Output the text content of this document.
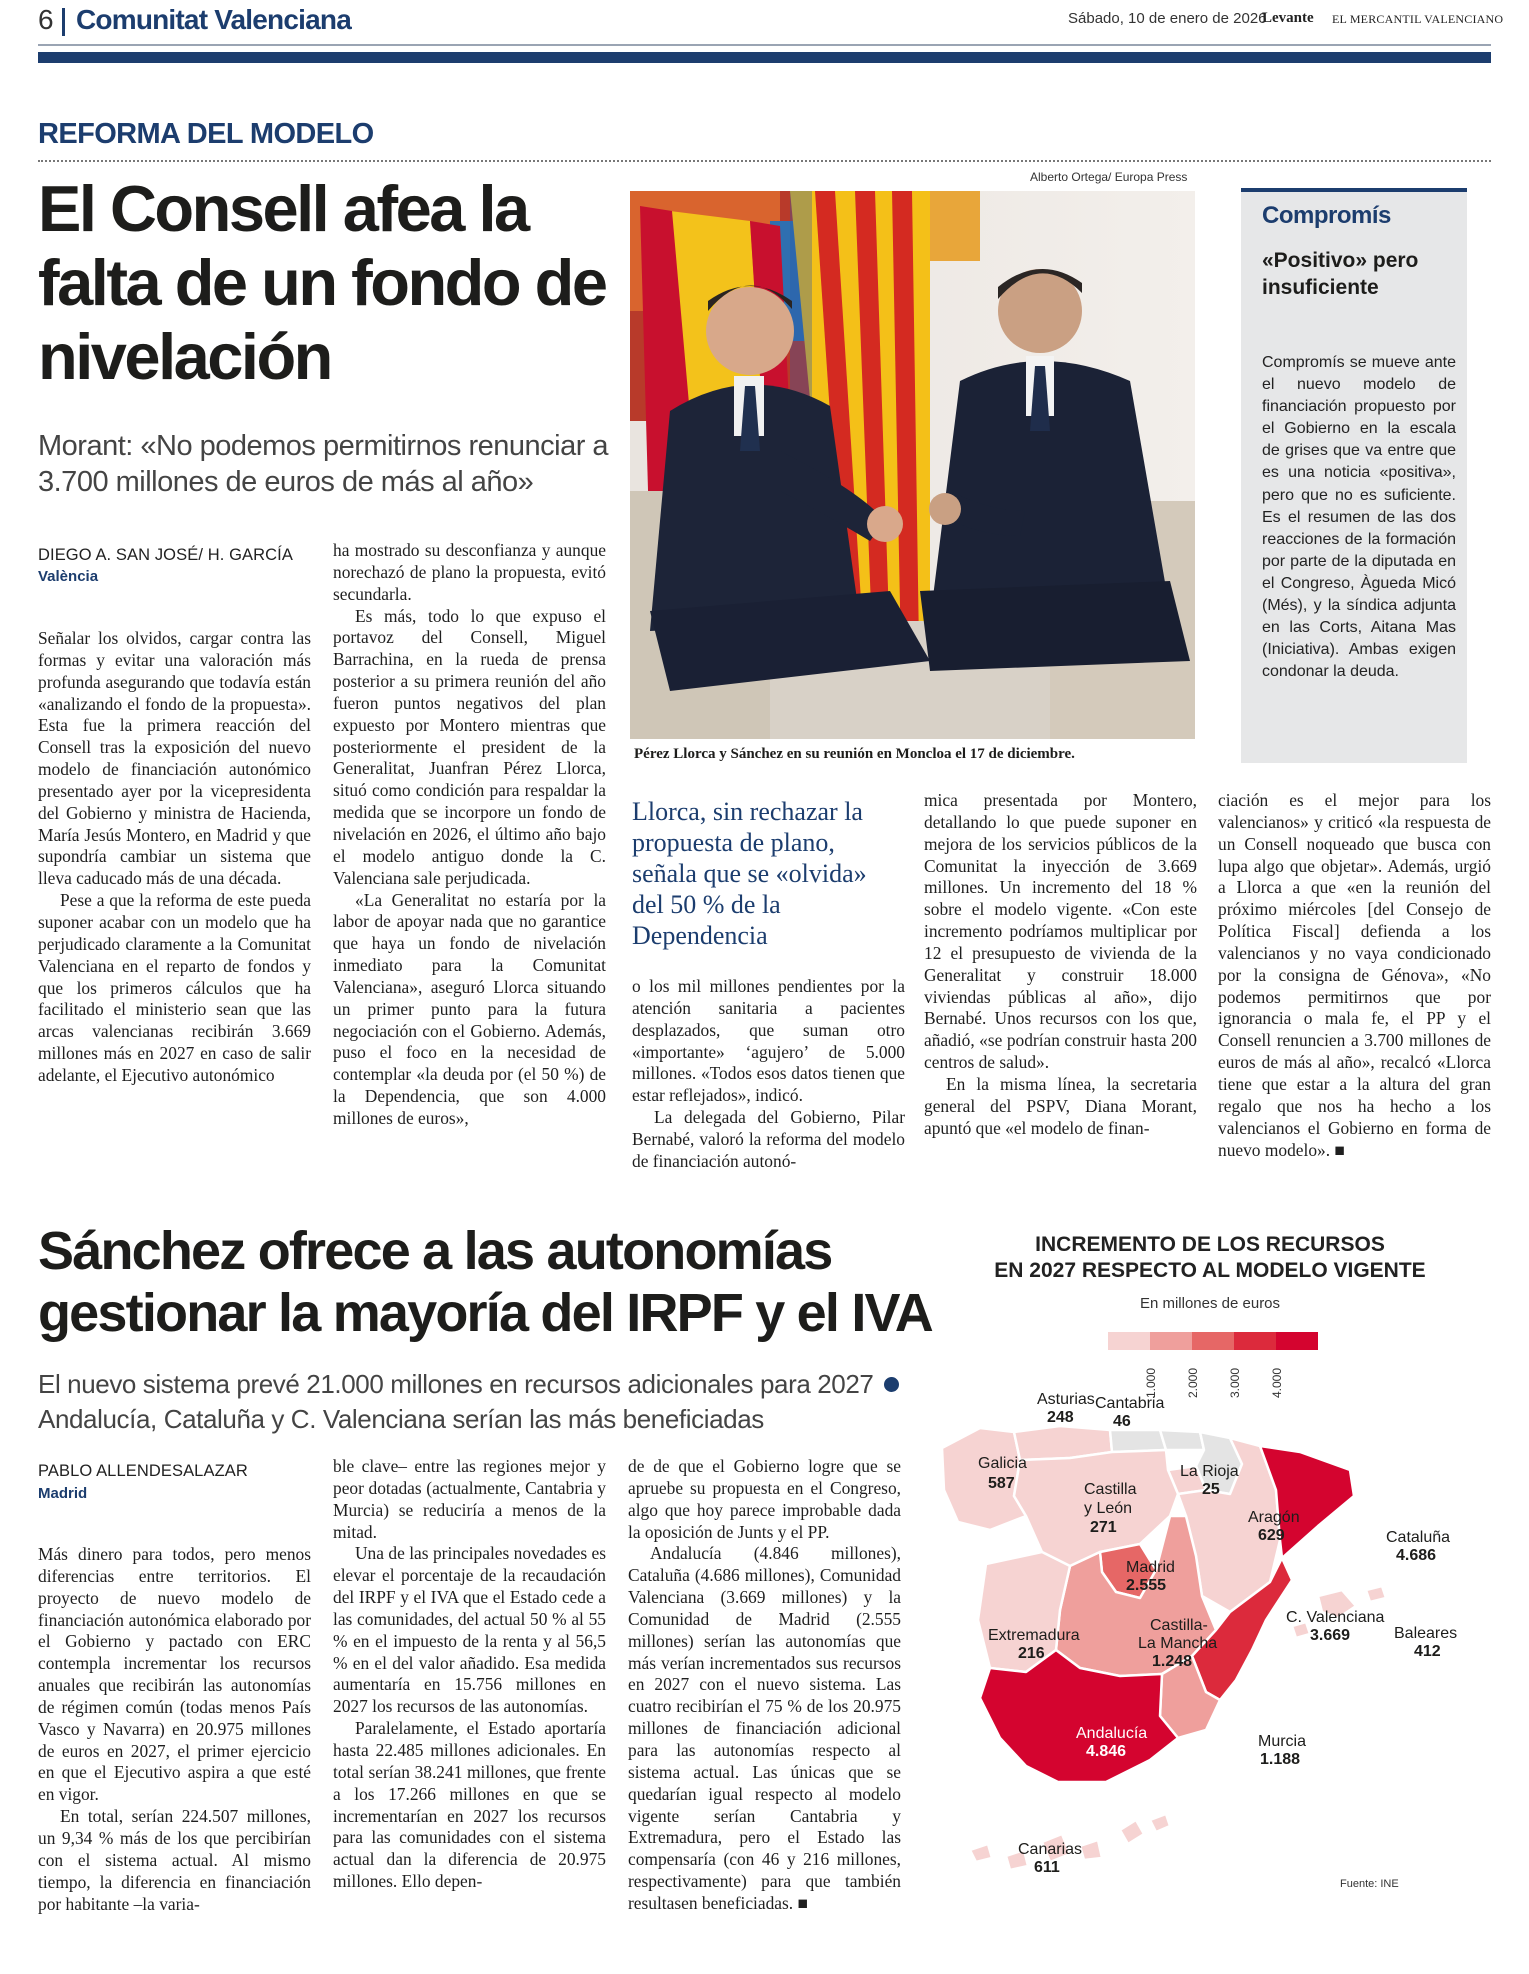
6 Comunitat Valenciana	Sábado, 10 de enero de 2026
Levante EL MERCANTIL VALENCIANO
REFORMA DEL MODELO
El Consell afea la falta de un fondo de nivelación
Morant: «No podemos permitirnos renunciar a 3.700 millones de euros de más al año»
DIEGO A. SAN JOSÉ/ H. GARCÍA
València

Señalar los olvidos, cargar contra las formas y evitar una valoración más profunda asegurando que todavía están «analizando el fondo de la propuesta». Esta fue la primera reacción del Consell tras la exposición del nuevo modelo de financiación autonómico presentado ayer por la vicepresidenta del Gobierno y ministra de Hacienda, María Jesús Montero, en Madrid y que supondría cambiar un sistema que lleva caducado más de una década.

Pese a que la reforma de este pueda suponer acabar con un modelo que ha perjudicado claramente a la Comunitat Valenciana en el reparto de fondos y que los primeros cálculos que ha facilitado el ministerio sean que las arcas valencianas recibirán 3.669 millones más en 2027 en caso de salir adelante, el Ejecutivo autonómico

ha mostrado su desconfianza y aunque norechazó de plano la propuesta, evitó secundarla.

Es más, todo lo que expuso el portavoz del Consell, Miguel Barrachina, en la rueda de prensa posterior a su primera reunión del año fueron puntos negativos del plan expuesto por Montero mientras que posteriormente el president de la Generalitat, Juanfran Pérez Llorca, situó como condición para respaldar la medida que se incorpore un fondo de nivelación en 2026, el último año bajo el modelo antiguo donde la C. Valenciana sale perjudicada.

«La Generalitat no estaría por la labor de apoyar nada que no garantice que haya un fondo de nivelación inmediato para la Comunitat Valenciana», aseguró Llorca situando un primer punto para la futura negociación con el Gobierno. Además, puso el foco en la necesidad de contemplar «la deuda por (el 50 %) de la Dependencia, que son 4.000 millones de euros»,

Alberto Ortega/ Europa Press
Pérez Llorca y Sánchez en su reunión en Moncloa el 17 de diciembre.
Llorca, sin rechazar la propuesta de plano, señala que se «olvida» del 50 % de la Dependencia

o los mil millones pendientes por la atención sanitaria a pacientes desplazados, que suman otro «importante» ‘agujero’ de 5.000 millones. «Todos esos datos tienen que estar reflejados», indicó.

La delegada del Gobierno, Pilar Bernabé, valoró la reforma del modelo de financiación autonó-

mica presentada por Montero, detallando lo que puede suponer en mejora de los servicios públicos de la Comunitat la inyección de 3.669 millones. Un incremento del 18 % sobre el modelo vigente. «Con este incremento podríamos multiplicar por 12 el presupuesto de vivienda de la Generalitat y construir 18.000 viviendas públicas al año», dijo Bernabé. Unos recursos con los que, añadió, «se podrían construir hasta 200 centros de salud».

En la misma línea, la secretaria general del PSPV, Diana Morant, apuntó que «el modelo de finan-

ciación es el mejor para los valencianos» y criticó «la respuesta de un Consell noqueado que busca con lupa algo que objetar». Además, urgió a Llorca a que «en la reunión del próximo miércoles [del Consejo de Política Fiscal] defienda a los valencianos y no vaya condicionado por la consigna de Génova», «No podemos permitirnos que por ignorancia o mala fe, el PP y el Consell renuncien a 3.700 millones de euros de más al año», recalcó «Llorca tiene que estar a la altura del gran regalo que nos ha hecho a los valencianos el Gobierno en forma de nuevo modelo». ■

Compromís
«Positivo» pero insuficiente
Compromís se mueve ante el nuevo modelo de financiación propuesto por el Gobierno en la escala de grises que va entre que es una noticia «positiva», pero que no es suficiente. Es el resumen de las dos reacciones de la formación por parte de la diputada en el Congreso, Àgueda Micó (Més), y la síndica adjunta en las Corts, Aitana Mas (Iniciativa). Ambas exigen condonar la deuda.
Sánchez ofrece a las autonomías gestionar la mayoría del IRPF y el IVA
El nuevo sistema prevé 21.000 millones en recursos adicionales para 2027  Andalucía, Cataluña y C. Valenciana serían las más beneficiadas
PABLO ALLENDESALAZAR
Madrid

Más dinero para todos, pero menos diferencias entre territorios. El proyecto de nuevo modelo de financiación autonómica elaborado por el Gobierno y pactado con ERC contempla incrementar los recursos anuales que recibirán las autonomías de régimen común (todas menos País Vasco y Navarra) en 20.975 millones de euros en 2027, el primer ejercicio en que el Ejecutivo aspira a que esté en vigor.

En total, serían 224.507 millones, un 9,34 % más de los que percibirían con el sistema actual. Al mismo tiempo, la diferencia en financiación por habitante –la varia-

ble clave– entre las regiones mejor y peor dotadas (actualmente, Cantabria y Murcia) se reduciría a menos de la mitad.

Una de las principales novedades es elevar el porcentaje de la recaudación del IRPF y el IVA que el Estado cede a las comunidades, del actual 50 % al 55 % en el impuesto de la renta y al 56,5 % en el del valor añadido. Esa medida aumentaría en 15.756 millones en 2027 los recursos de las autonomías.

Paralelamente, el Estado aportaría hasta 22.485 millones adicionales. En total serían 38.241 millones, que frente a los 17.266 millones en que se incrementarían en 2027 los recursos para las comunidades con el sistema actual dan la diferencia de 20.975 millones. Ello depen-

de de que el Gobierno logre que se apruebe su propuesta en el Congreso, algo que hoy parece improbable dada la oposición de Junts y el PP.

Andalucía (4.846 millones), Cataluña (4.686 millones), Comunidad Valenciana (3.669 millones) y la Comunidad de Madrid (2.555 millones) serían las autonomías que más verían incrementados sus recursos en 2027 con el nuevo sistema. Las cuatro recibirían el 75 % de los 20.975 millones de financiación adicional para las autonomías respecto al sistema actual. Las únicas que se quedarían igual respecto al modelo vigente serían Cantabria y Extremadura, pero el Estado las compensaría (con 46 y 216 millones, respectivamente) para que también resultasen beneficiadas. ■

INCREMENTO DE LOS RECURSOS
EN 2027 RESPECTO AL MODELO VIGENTE
En millones de euros
1.000 2.000 3.000 4.000
Galicia
587
Asturias
248
Cantabria
46
La Rioja
25
Castilla
y León
271
Aragón
629	Cataluña
4.686
Madrid
2.555
Castilla-
La Mancha
1.248
C. Valenciana
3.669
Extremadura
216
Baleares
412
Andalucía
4.846
Murcia
1.188
Canarias
611
Fuente: INE
